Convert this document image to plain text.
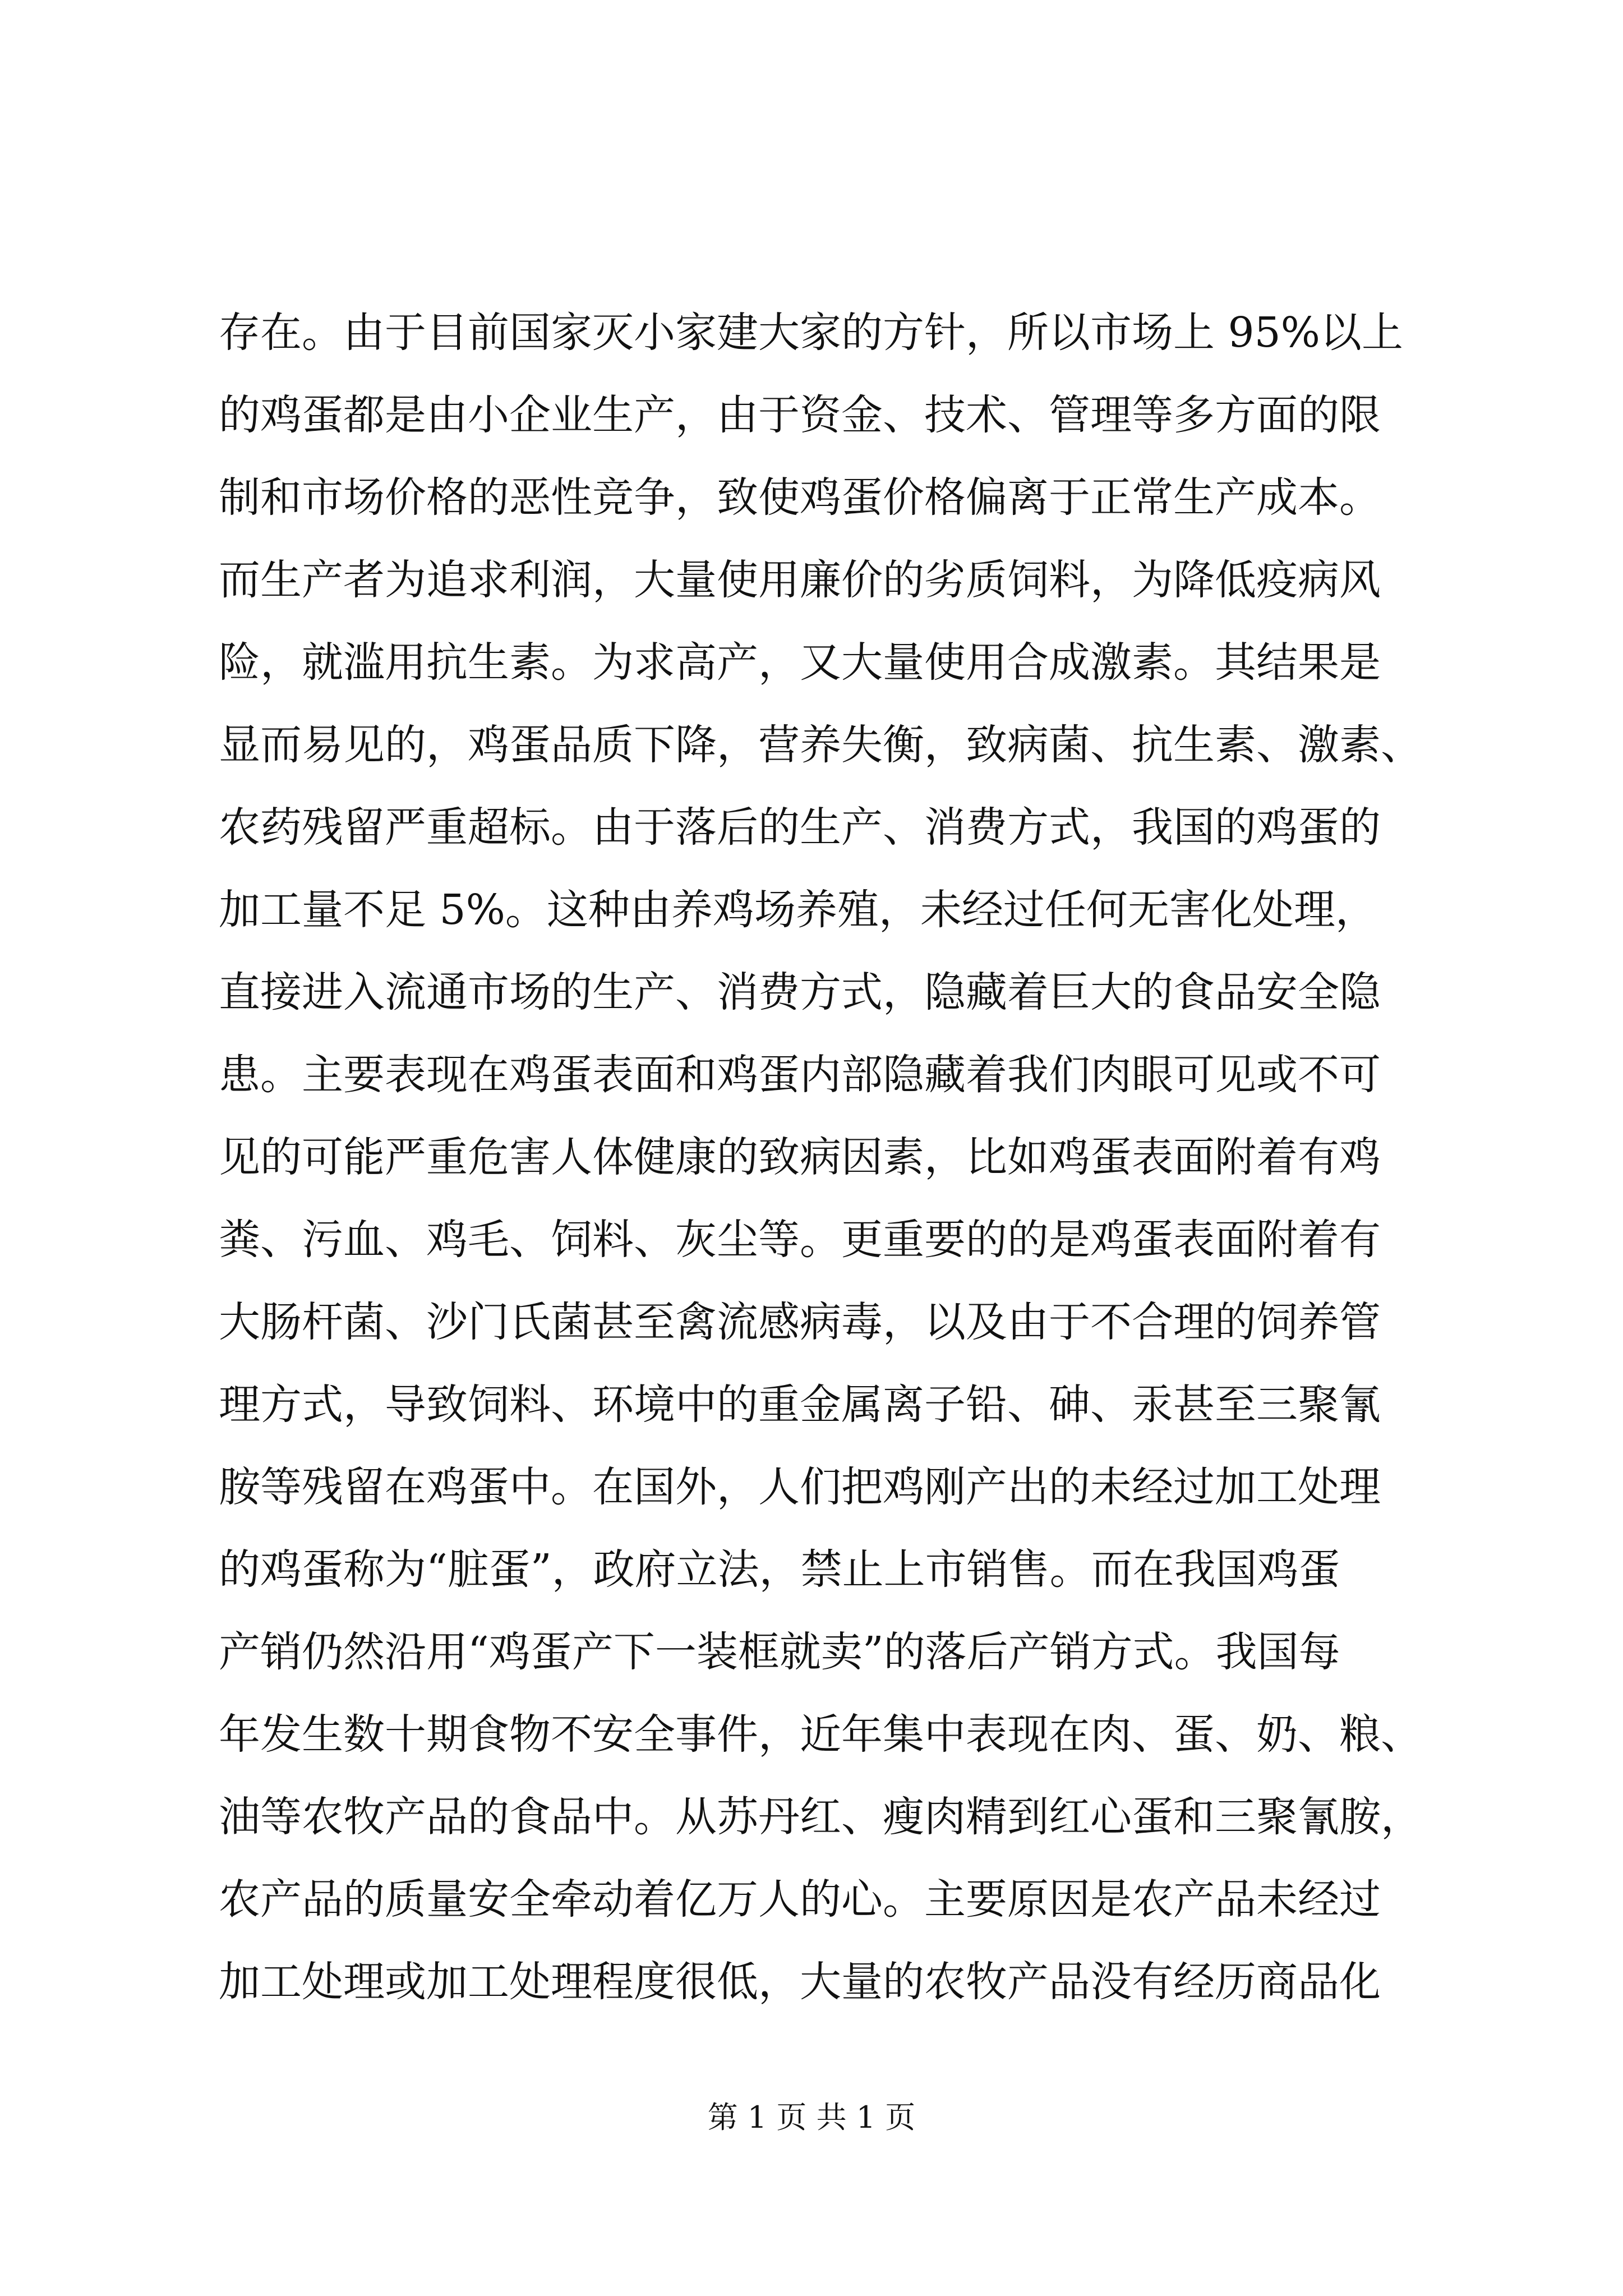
存在。由于目前国家灭小家建大家的方针，所以市场上 95%以上
的鸡蛋都是由小企业生产，由于资金、技术、管理等多方面的限
制和市场价格的恶性竞争，致使鸡蛋价格偏离于正常生产成本。
而生产者为追求利润，大量使用廉价的劣质饲料，为降低疫病风
险，就滥用抗生素。为求高产，又大量使用合成激素。其结果是
显而易见的，鸡蛋品质下降，营养失衡，致病菌、抗生素、激素、
农药残留严重超标。由于落后的生产、消费方式，我国的鸡蛋的
加工量不足 5%。这种由养鸡场养殖，未经过任何无害化处理，
直接进入流通市场的生产、消费方式，隐藏着巨大的食品安全隐
患。主要表现在鸡蛋表面和鸡蛋内部隐藏着我们肉眼可见或不可
见的可能严重危害人体健康的致病因素，比如鸡蛋表面附着有鸡
粪、污血、鸡毛、饲料、灰尘等。更重要的的是鸡蛋表面附着有
大肠杆菌、沙门氏菌甚至禽流感病毒，以及由于不合理的饲养管
理方式，导致饲料、环境中的重金属离子铅、砷、汞甚至三聚氰
胺等残留在鸡蛋中。在国外，人们把鸡刚产出的未经过加工处理
的鸡蛋称为“脏蛋”，政府立法，禁止上市销售。而在我国鸡蛋
产销仍然沿用“鸡蛋产下一装框就卖”的落后产销方式。我国每
年发生数十期食物不安全事件，近年集中表现在肉、蛋、奶、粮、
油等农牧产品的食品中。从苏丹红、瘦肉精到红心蛋和三聚氰胺，
农产品的质量安全牵动着亿万人的心。主要原因是农产品未经过
加工处理或加工处理程度很低，大量的农牧产品没有经历商品化
第 1 页 共 1 页
